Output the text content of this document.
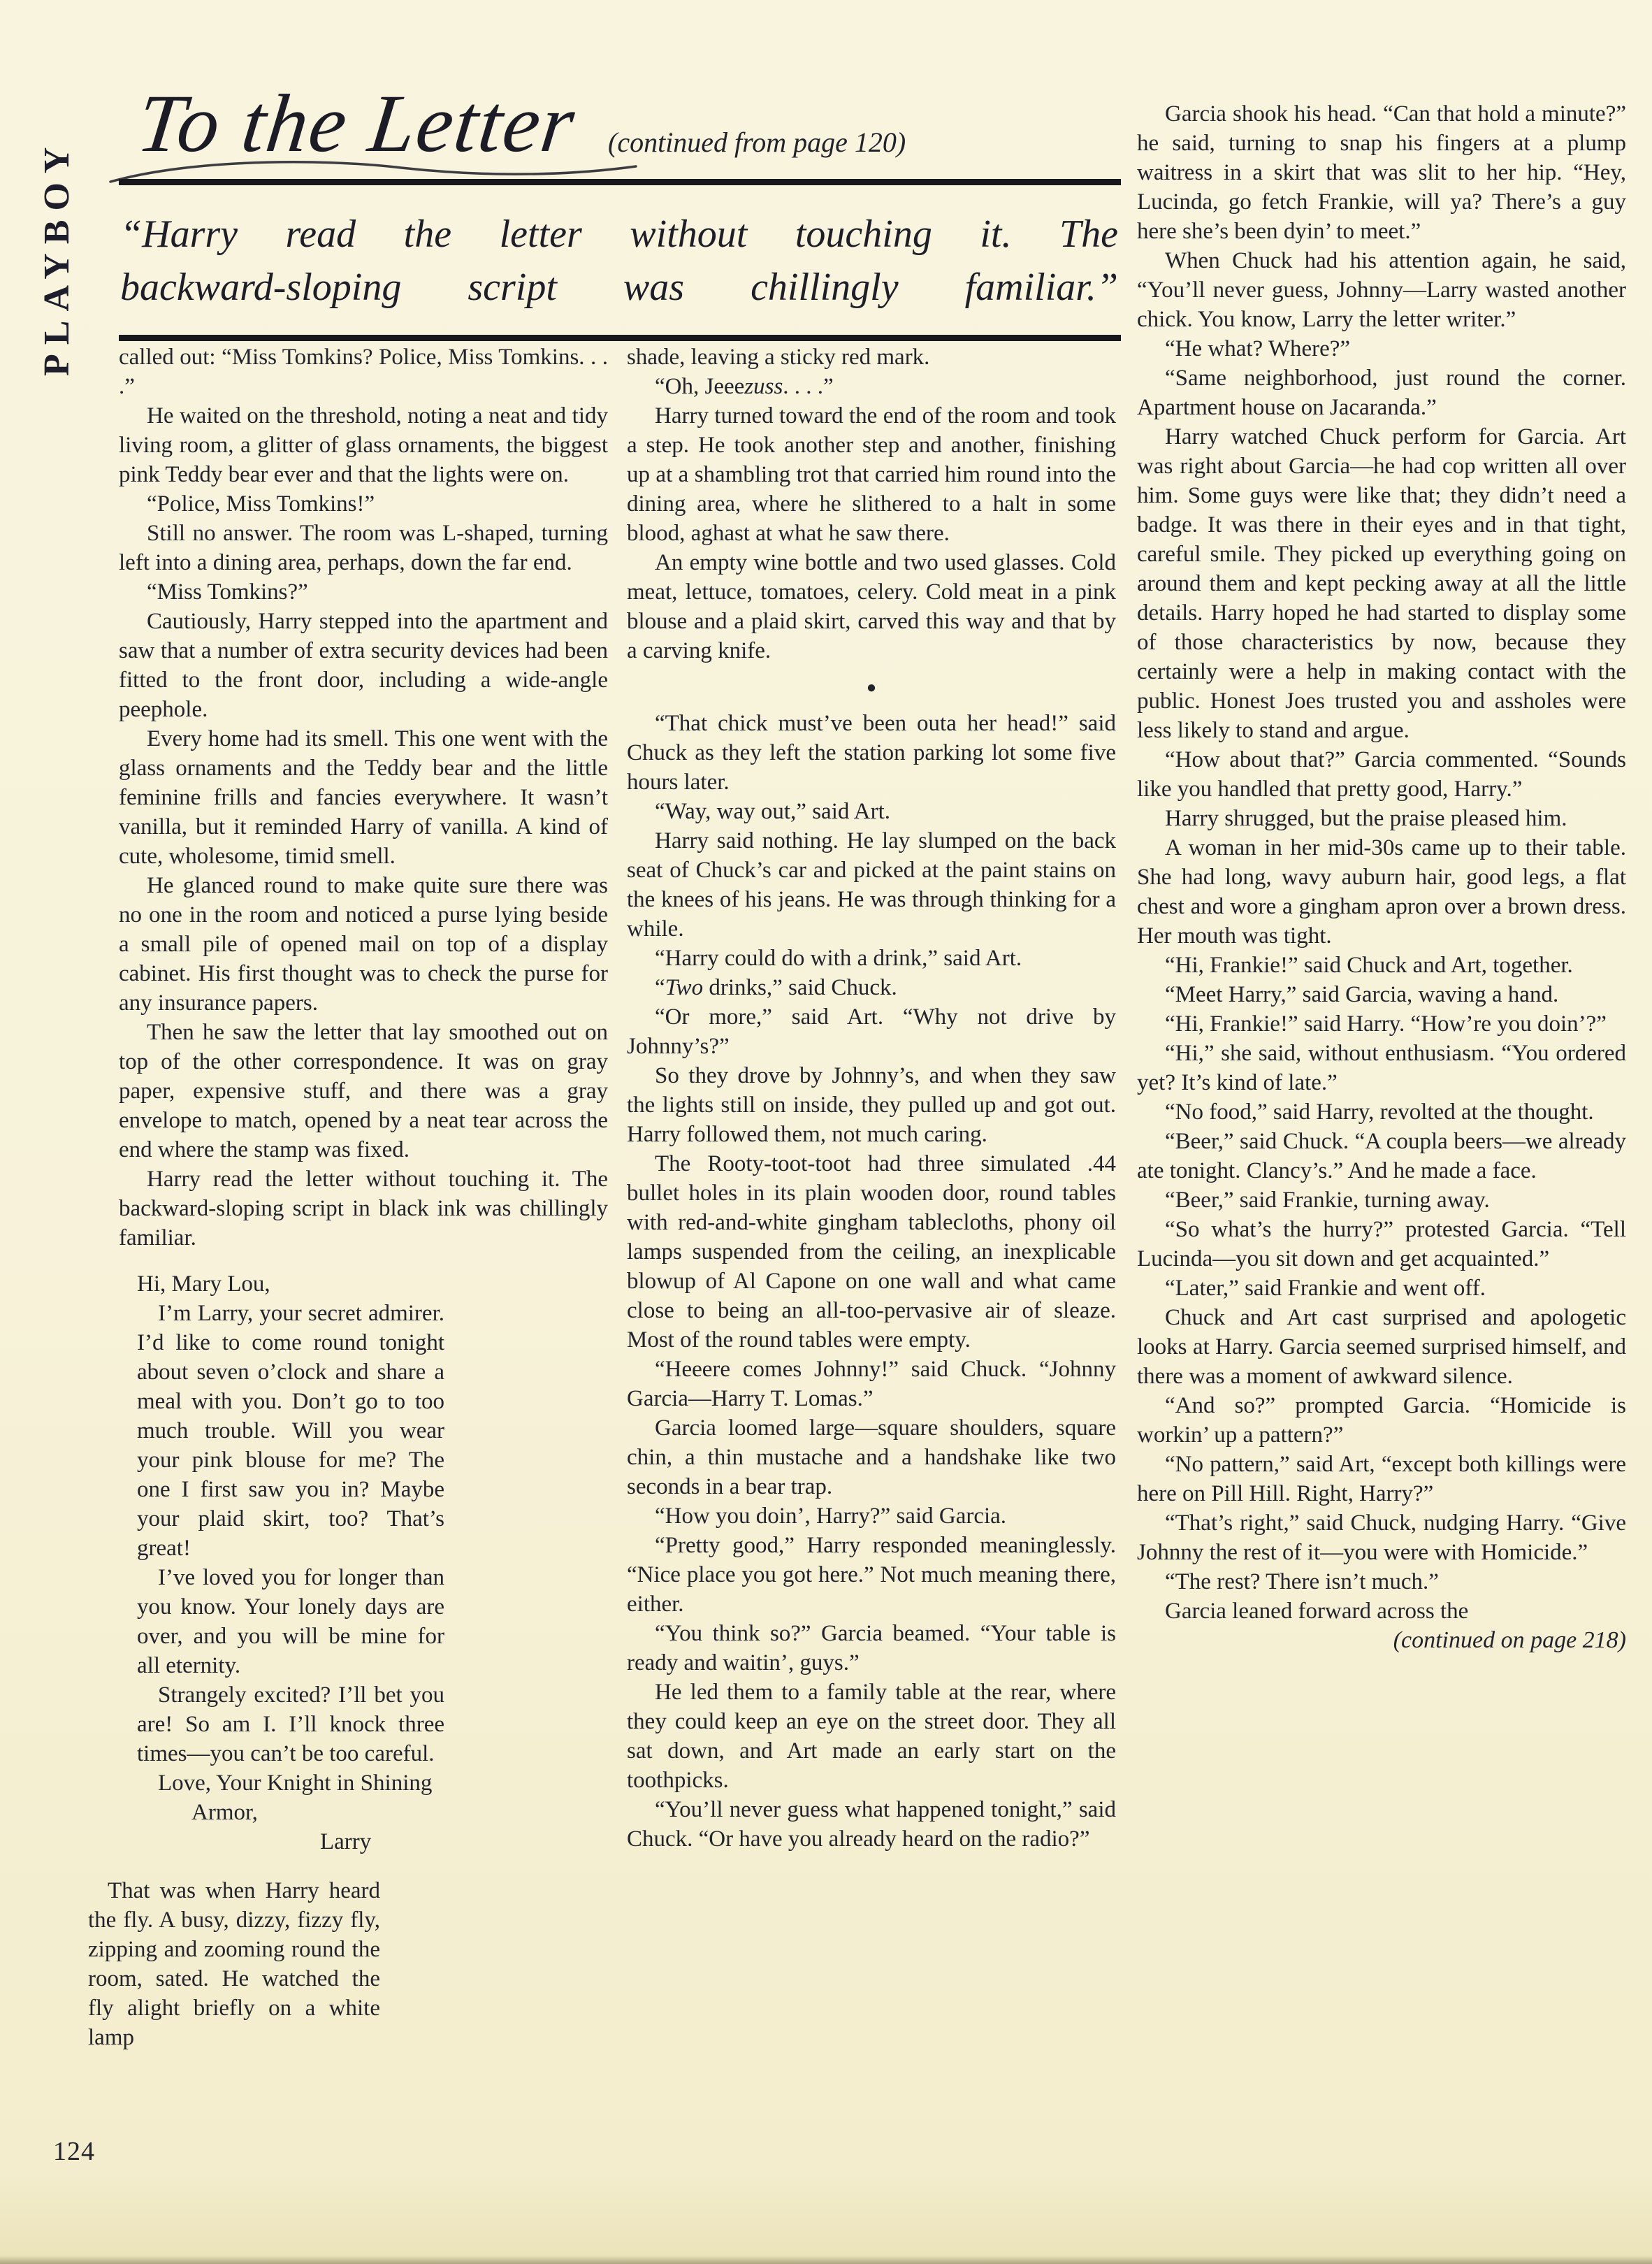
PLAYBOY
To the Letter (continued from page 120)
“Harry read the letter without touching it. The
backward-sloping script was chillingly familiar.”

called out: “Miss Tomkins? Police, Miss Tomkins. . . .”

He waited on the threshold, noting a neat and tidy living room, a glitter of glass ornaments, the biggest pink Teddy bear ever and that the lights were on.

“Police, Miss Tomkins!”

Still no answer. The room was L-shaped, turning left into a dining area, perhaps, down the far end.

“Miss Tomkins?”

Cautiously, Harry stepped into the apartment and saw that a number of extra security devices had been fitted to the front door, including a wide-angle peephole.

Every home had its smell. This one went with the glass ornaments and the Teddy bear and the little feminine frills and fancies everywhere. It wasn’t vanilla, but it reminded Harry of vanilla. A kind of cute, wholesome, timid smell.

He glanced round to make quite sure there was no one in the room and noticed a purse lying beside a small pile of opened mail on top of a display cabinet. His first thought was to check the purse for any insurance papers.

Then he saw the letter that lay smoothed out on top of the other correspondence. It was on gray paper, expensive stuff, and there was a gray envelope to match, opened by a neat tear across the end where the stamp was fixed.

Harry read the letter without touching it. The backward-sloping script in black ink was chillingly familiar.

Hi, Mary Lou,

I’m Larry, your secret admirer. I’d like to come round tonight about seven o’clock and share a meal with you. Don’t go to too much trouble. Will you wear your pink blouse for me? The one I first saw you in? Maybe your plaid skirt, too? That’s great!

I’ve loved you for longer than you know. Your lonely days are over, and you will be mine for all eternity.

Strangely excited? I’ll bet you are! So am I. I’ll knock three times—you can’t be too careful.

Love, Your Knight in Shining

Armor,

Larry

That was when Harry heard the fly. A busy, dizzy, fizzy fly, zipping and zooming round the room, sated. He watched the fly alight briefly on a white lamp

shade, leaving a sticky red mark.

“Oh, Jeeezuss. . . .”

Harry turned toward the end of the room and took a step. He took another step and another, finishing up at a shambling trot that carried him round into the dining area, where he slithered to a halt in some blood, aghast at what he saw there.

An empty wine bottle and two used glasses. Cold meat, lettuce, tomatoes, celery. Cold meat in a pink blouse and a plaid skirt, carved this way and that by a carving knife.

●

“That chick must’ve been outa her head!” said Chuck as they left the station parking lot some five hours later.

“Way, way out,” said Art.

Harry said nothing. He lay slumped on the back seat of Chuck’s car and picked at the paint stains on the knees of his jeans. He was through thinking for a while.

“Harry could do with a drink,” said Art.

“Two drinks,” said Chuck.

“Or more,” said Art. “Why not drive by Johnny’s?”

So they drove by Johnny’s, and when they saw the lights still on inside, they pulled up and got out. Harry followed them, not much caring.

The Rooty-toot-toot had three simulated .44 bullet holes in its plain wooden door, round tables with red-and-white gingham tablecloths, phony oil lamps suspended from the ceiling, an inexplicable blowup of Al Capone on one wall and what came close to being an all-too-pervasive air of sleaze. Most of the round tables were empty.

“Heeere comes Johnny!” said Chuck. “Johnny Garcia—Harry T. Lomas.”

Garcia loomed large—square shoulders, square chin, a thin mustache and a handshake like two seconds in a bear trap.

“How you doin’, Harry?” said Garcia.

“Pretty good,” Harry responded meaninglessly. “Nice place you got here.” Not much meaning there, either.

“You think so?” Garcia beamed. “Your table is ready and waitin’, guys.”

He led them to a family table at the rear, where they could keep an eye on the street door. They all sat down, and Art made an early start on the toothpicks.

“You’ll never guess what happened tonight,” said Chuck. “Or have you already heard on the radio?”

Garcia shook his head. “Can that hold a minute?” he said, turning to snap his fingers at a plump waitress in a skirt that was slit to her hip. “Hey, Lucinda, go fetch Frankie, will ya? There’s a guy here she’s been dyin’ to meet.”

When Chuck had his attention again, he said, “You’ll never guess, Johnny—Larry wasted another chick. You know, Larry the letter writer.”

“He what? Where?”

“Same neighborhood, just round the corner. Apartment house on Jacaranda.”

Harry watched Chuck perform for Garcia. Art was right about Garcia—he had cop written all over him. Some guys were like that; they didn’t need a badge. It was there in their eyes and in that tight, careful smile. They picked up everything going on around them and kept pecking away at all the little details. Harry hoped he had started to display some of those characteristics by now, because they certainly were a help in making contact with the public. Honest Joes trusted you and assholes were less likely to stand and argue.

“How about that?” Garcia commented. “Sounds like you handled that pretty good, Harry.”

Harry shrugged, but the praise pleased him.

A woman in her mid-30s came up to their table. She had long, wavy auburn hair, good legs, a flat chest and wore a gingham apron over a brown dress. Her mouth was tight.

“Hi, Frankie!” said Chuck and Art, together.

“Meet Harry,” said Garcia, waving a hand.

“Hi, Frankie!” said Harry. “How’re you doin’?”

“Hi,” she said, without enthusiasm. “You ordered yet? It’s kind of late.”

“No food,” said Harry, revolted at the thought.

“Beer,” said Chuck. “A coupla beers—we already ate tonight. Clancy’s.” And he made a face.

“Beer,” said Frankie, turning away.

“So what’s the hurry?” protested Garcia. “Tell Lucinda—you sit down and get acquainted.”

“Later,” said Frankie and went off.

Chuck and Art cast surprised and apologetic looks at Harry. Garcia seemed surprised himself, and there was a moment of awkward silence.

“And so?” prompted Garcia. “Homicide is workin’ up a pattern?”

“No pattern,” said Art, “except both killings were here on Pill Hill. Right, Harry?”

“That’s right,” said Chuck, nudging Harry. “Give Johnny the rest of it—you were with Homicide.”

“The rest? There isn’t much.”

Garcia leaned forward across the

(continued on page 218)

124
